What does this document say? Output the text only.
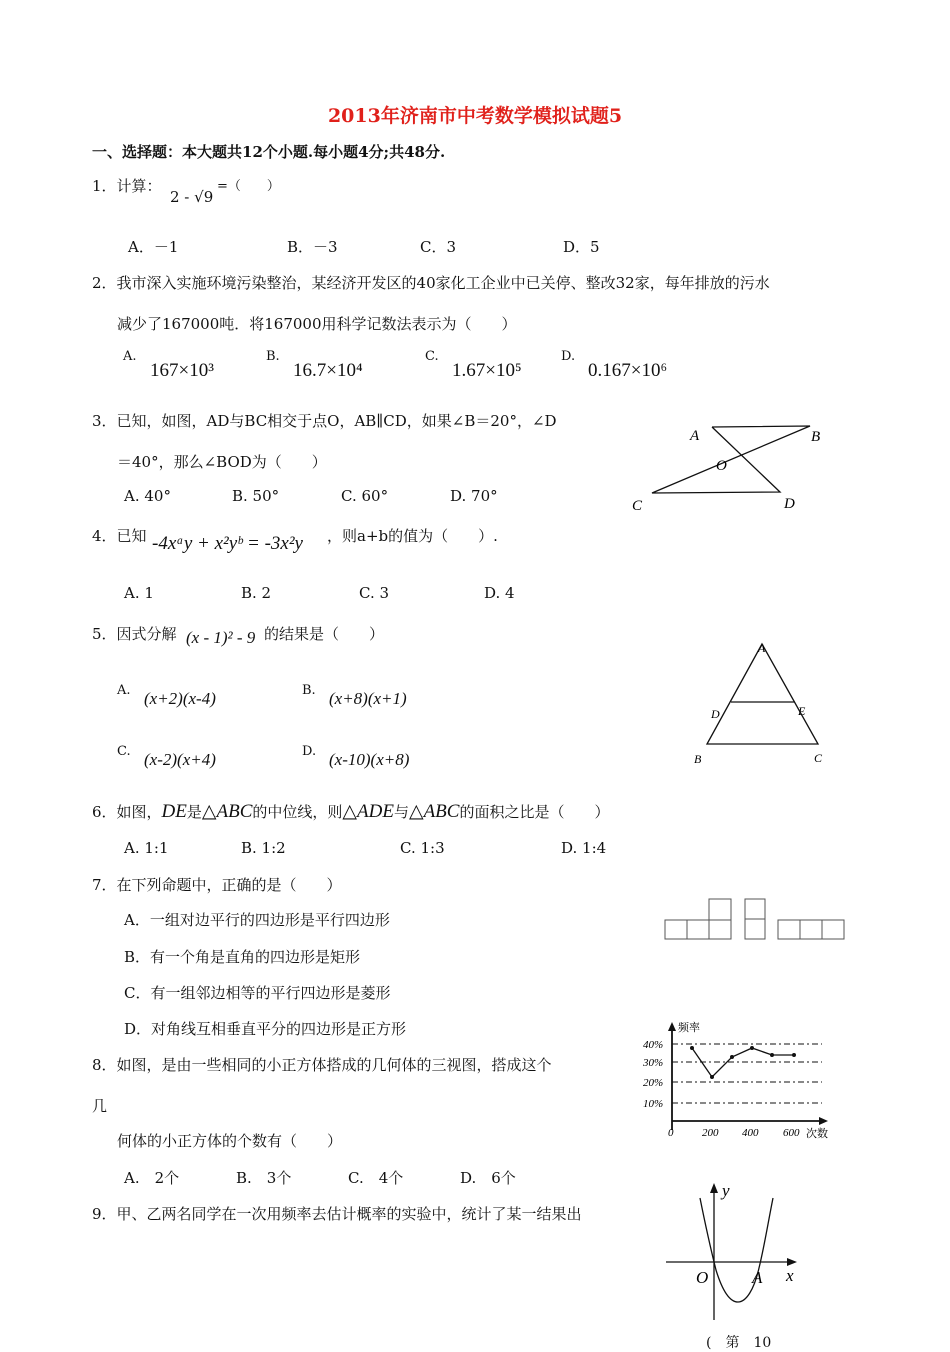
2013年济南市中考数学模拟试题5
一、选择题：本大题共12个小题.每小题4分;共48分.
1．计算：
2 - √9
=（　　）
A．－1	B．－3	C．3	D．5
2．我市深入实施环境污染整治，某经济开发区的40家化工企业中已关停、整改32家，每年排放的污水
减少了167000吨．将167000用科学记数法表示为（　　）
A.
167×10³
B.
16.7×10⁴
C.
1.67×10⁵
D.
0.167×10⁶
3．已知，如图，AD与BC相交于点O，AB∥CD，如果∠B＝20°，∠D
＝40°，那么∠BOD为（　　）
A. 40°	B. 50°	C. 60°	D. 70°
A	B
O
C	D
4．已知 -4xᵃy + x²yᵇ = -3x²y ，则a+b的值为（　　）.
A. 1	B. 2	C. 3	D. 4
5．因式分解 (x - 1)² - 9 的结果是（　　）
A. (x+2)(x-4)	B. (x+8)(x+1)
C. (x-2)(x+4)	D. (x-10)(x+8)
A
D	E
B	C
6．如图，DE是△ABC的中位线，则△ADE与△ABC的面积之比是（　　）
A. 1:1	B. 1:2	C. 1:3	D. 1:4
7．在下列命题中，正确的是（　　）
A．一组对边平行的四边形是平行四边形
B．有一个角是直角的四边形是矩形
C．有一组邻边相等的平行四边形是菱形
D．对角线互相垂直平分的四边形是正方形
8．如图，是由一些相同的小正方体搭成的几何体的三视图，搭成这个
几
何体的小正方体的个数有（　　）
A.　2个	B.　3个	C.　4个	D.　6个
频率
40%
30%
20%
10%
0	200 400 600 次数
9．甲、乙两名同学在一次用频率去估计概率的实验中，统计了某一结果出
y
O	A x
(　第　10
